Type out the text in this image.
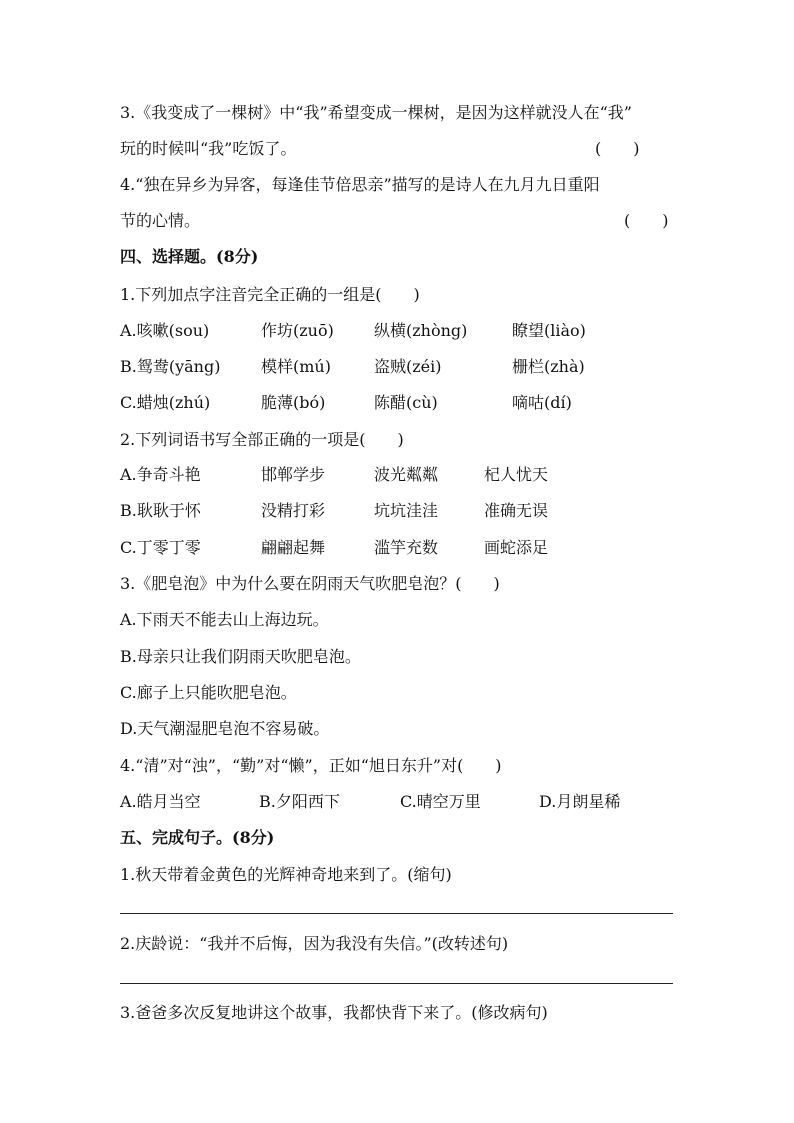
3.《我变成了一棵树》中“我”希望变成一棵树，是因为这样就没人在“我”
玩的时候叫“我”吃饭了。	(　　)
4.“独在异乡为异客，每逢佳节倍思亲”描写的是诗人在九月九日重阳
节的心情。	(　　)
四、选择题。(8分)
1.下列加点字注音完全正确的一组是(　　)
A.咳嗽(sou)	作坊(zuō)	纵横(zhòng)	瞭望(liào)
B.鸳鸯(yāng)	模样(mú)	盗贼(zéi)	栅栏(zhà)
C.蜡烛(zhú)	脆薄(bó)	陈醋(cù)	嘀咕(dí)
2.下列词语书写全部正确的一项是(　　)
A.争奇斗艳	邯郸学步	波光粼粼	杞人忧天
B.耿耿于怀	没精打彩	坑坑洼洼	准确无误
C.丁零丁零	翩翩起舞	滥竽充数	画蛇添足
3.《肥皂泡》中为什么要在阴雨天气吹肥皂泡？(　　)
A.下雨天不能去山上海边玩。
B.母亲只让我们阴雨天吹肥皂泡。
C.廊子上只能吹肥皂泡。
D.天气潮湿肥皂泡不容易破。
4.“清”对“浊”，“勤”对“懒”，正如“旭日东升”对(　　)
A.皓月当空	B.夕阳西下	C.晴空万里	D.月朗星稀
五、完成句子。(8分)
1.秋天带着金黄色的光辉神奇地来到了。(缩句)
2.庆龄说：“我并不后悔，因为我没有失信。”(改转述句)
3.爸爸多次反复地讲这个故事，我都快背下来了。(修改病句)
